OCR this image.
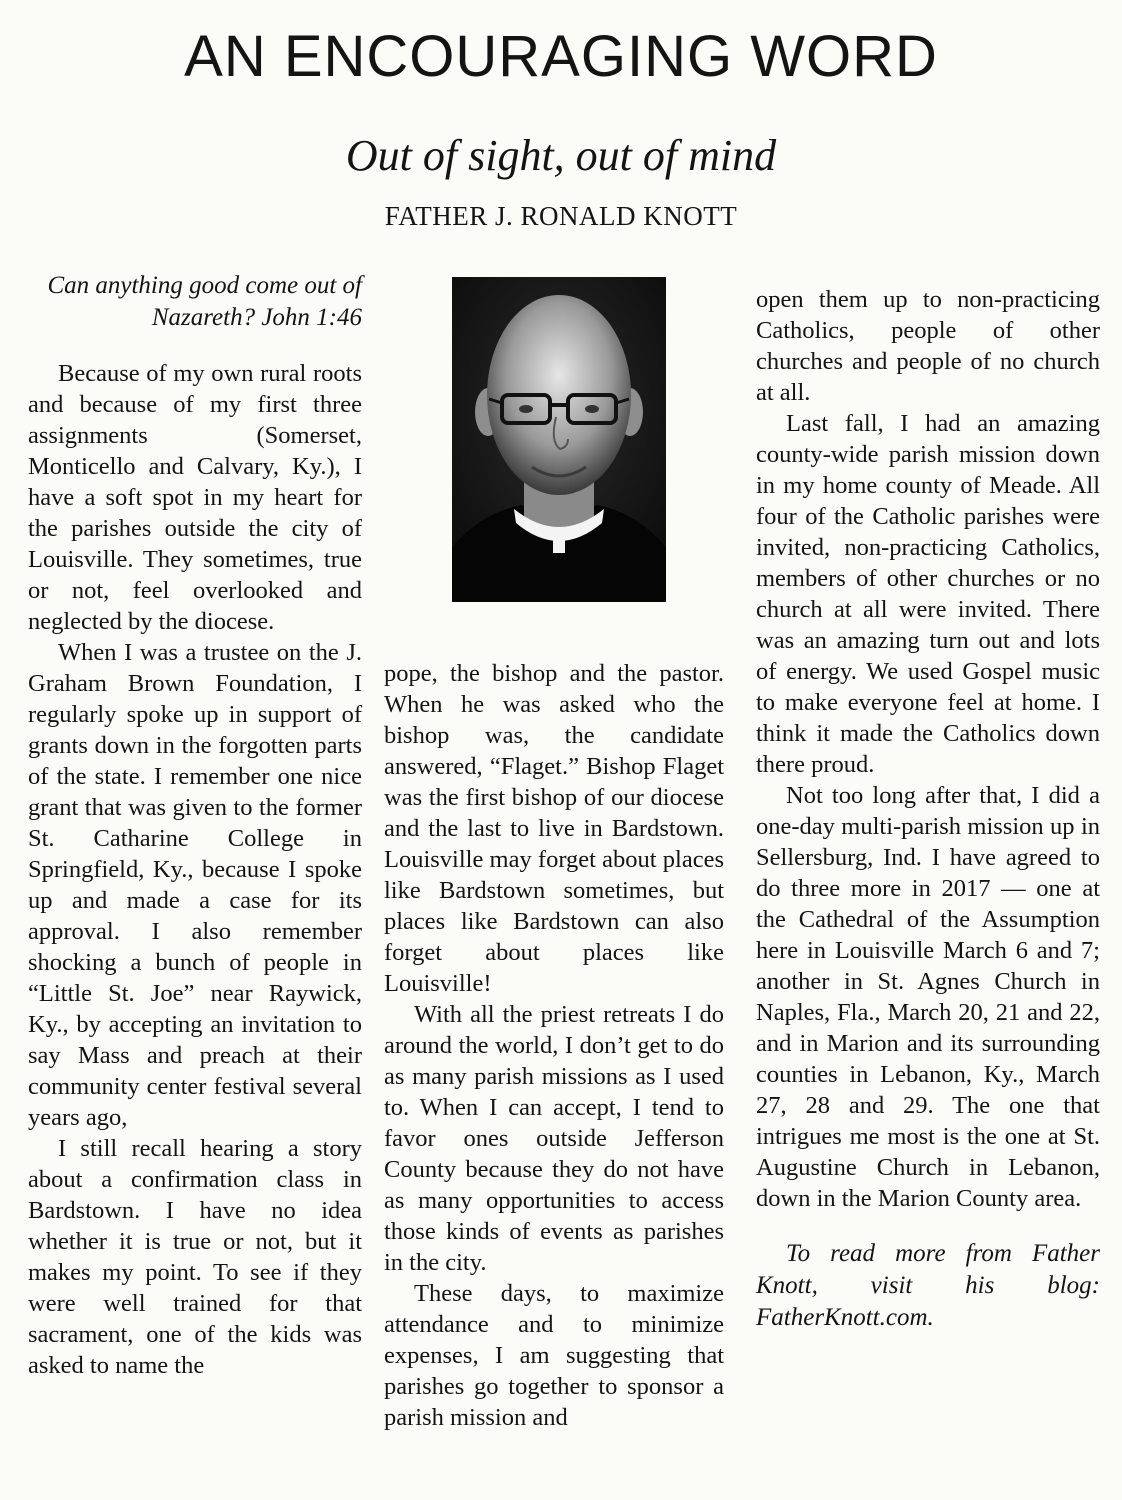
AN ENCOURAGING WORD
Out of sight, out of mind
FATHER J. RONALD KNOTT

Can anything good come out of Nazareth? John 1:46

Because of my own rural roots and because of my first three assignments (Somerset, Monticello and Calvary, Ky.), I have a soft spot in my heart for the parishes outside the city of Louisville. They sometimes, true or not, feel overlooked and neglected by the diocese.

When I was a trustee on the J. Graham Brown Foundation, I regularly spoke up in support of grants down in the forgotten parts of the state. I remember one nice grant that was given to the former St. Catharine College in Springfield, Ky., because I spoke up and made a case for its approval. I also remember shocking a bunch of people in “Little St. Joe” near Raywick, Ky., by accepting an invitation to say Mass and preach at their community center festival several years ago,

I still recall hearing a story about a confirmation class in Bardstown. I have no idea whether it is true or not, but it makes my point. To see if they were well trained for that sacrament, one of the kids was asked to name the

pope, the bishop and the pastor. When he was asked who the bishop was, the candidate answered, “Flaget.” Bishop Flaget was the first bishop of our diocese and the last to live in Bardstown. Louisville may forget about places like Bardstown sometimes, but places like Bardstown can also forget about places like Louisville!

With all the priest retreats I do around the world, I don’t get to do as many parish missions as I used to. When I can accept, I tend to favor ones outside Jefferson County because they do not have as many opportunities to access those kinds of events as parishes in the city.

These days, to maximize attendance and to minimize expenses, I am suggesting that parishes go together to sponsor a parish mission and

open them up to non-practicing Catholics, people of other churches and people of no church at all.

Last fall, I had an amazing county-wide parish mission down in my home county of Meade. All four of the Catholic parishes were invited, non-practicing Catholics, members of other churches or no church at all were invited. There was an amazing turn out and lots of energy. We used Gospel music to make everyone feel at home. I think it made the Catholics down there proud.

Not too long after that, I did a one-day multi-parish mission up in Sellersburg, Ind. I have agreed to do three more in 2017 — one at the Cathedral of the Assumption here in Louisville March 6 and 7; another in St. Agnes Church in Naples, Fla., March 20, 21 and 22, and in Marion and its surrounding counties in Lebanon, Ky., March 27, 28 and 29. The one that intrigues me most is the one at St. Augustine Church in Lebanon, down in the Marion County area.

To read more from Father Knott, visit his blog: FatherKnott.com.
